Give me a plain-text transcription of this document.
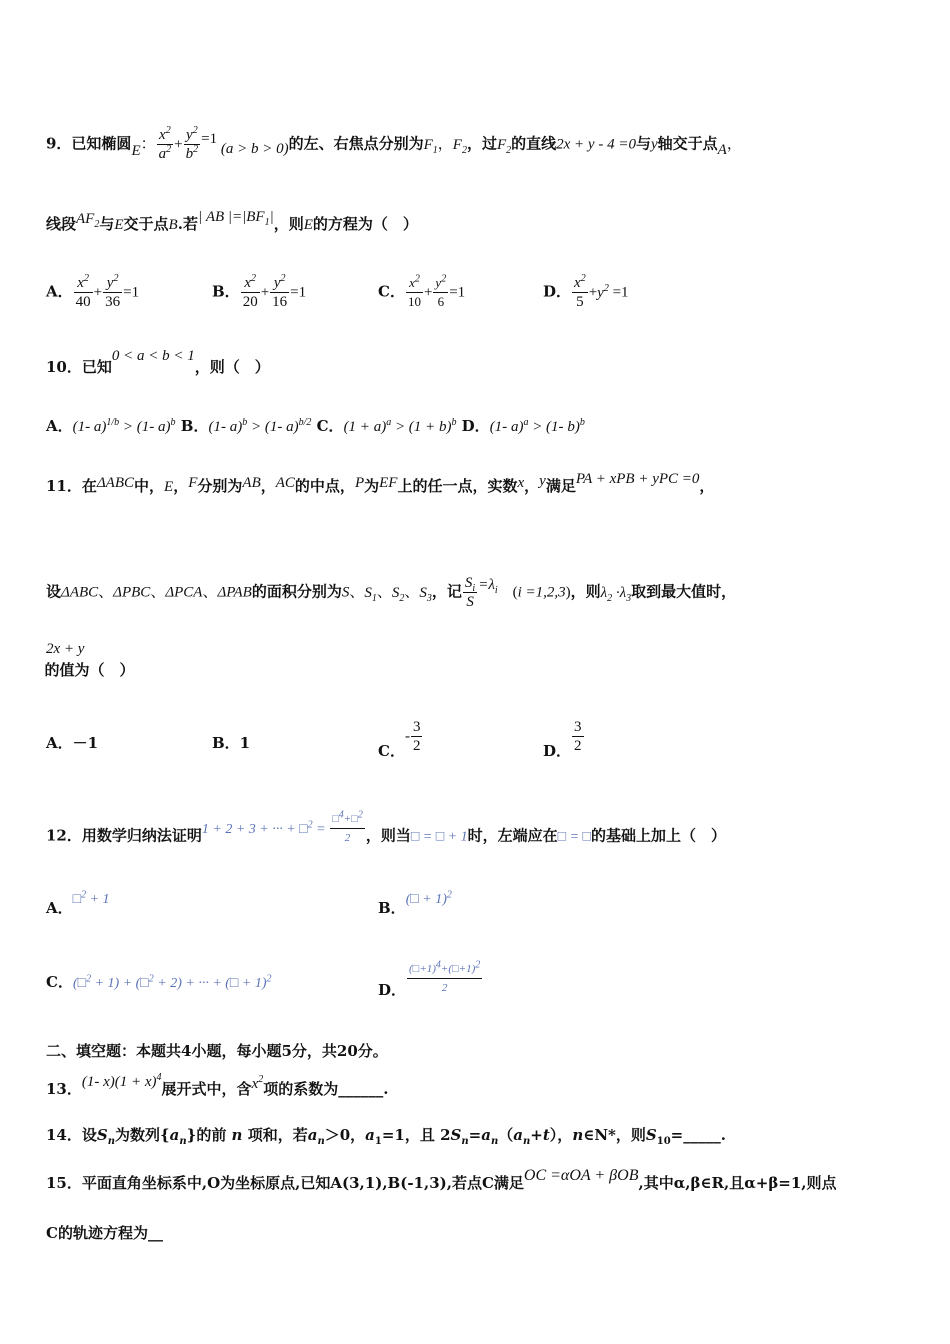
9．已知椭圆E： $\frac{x^2}{a^2} + \frac{y^2}{b^2} =1$ (a > b > 0)的左、右焦点分别为$F_1$，$F_2$，过$F_2$的直线2x + y - 4 =0与y轴交于点A，
线段$AF_2$与E交于点B.若| AB $|=|BF_1|$，则E的方程为（　）
A． $\frac{x^2}{40} + \frac{y^2}{36} =1$	B． $\frac{x^2}{20} + \frac{y^2}{16} =1$	C． $\frac{x^2}{10} + \frac{y^2}{6} =1$	D． $\frac{x^2}{5} +y^2 =1$
10．已知0 < a < b < 1，则（　）
A．(1- a)$^{1/b}$ > (1- a)$^b$ B．(1- a)$^b$ > (1- a)$^{b/2}$ C．$(1 + a)^a > (1 + b)^b$ D．(1- a)$^a$ > (1- b)$^b$
11．在ΔABC中，E，F分别为AB，AC的中点，P为EF上的任一点，实数x，y满足PA + xPB + yPC =0，
设ΔABC、ΔPBC、ΔPCA、ΔPAB的面积分别为S、$S_1$、$S_2$、$S_3$，记 $\frac{S_i}{S} =\lambda_i$　(i =1,2,3)，则$\lambda_2 \cdot\lambda_3$取到最大值时，
2x + y的值为（　）
A．－1	B．1	C．- $\frac{3}{2}$	D． $\frac{3}{2}$
12．用数学归纳法证明1 + 2 + 3 + ··· + □$^2$ = $\frac{□^4+□^2}{2}$ ，则当□ = □ + 1时，左端应在□ = □的基础上加上（　）
A．□$^2$ + 1	B．(□ + 1)$^2$
C．(□$^2$ + 1) + (□$^2$ + 2) + ··· + (□ + 1)$^2$
D． $\frac{(□+1)^4+(□+1)^2}{2}$
二、填空题：本题共4小题，每小题5分，共20分。
13．(1- $x)(1 + x)^4$展开式中，含$x^2$项的系数为______.
14．设$S_n$为数列$\{a_n\}$的前 n 项和，若$a_n>0$，$a_1=1$，且 $2S_n=a_n(a_n+t)$，n∈N*，则$S_{10}=\_\_\_\_\_$.
15．平面直角坐标系中,O为坐标原点,已知A(3,1),B(-1,3),若点C满足OC =αOA + βOB,其中α,β∈R,且α+β=1,则点
C的轨迹方程为__
